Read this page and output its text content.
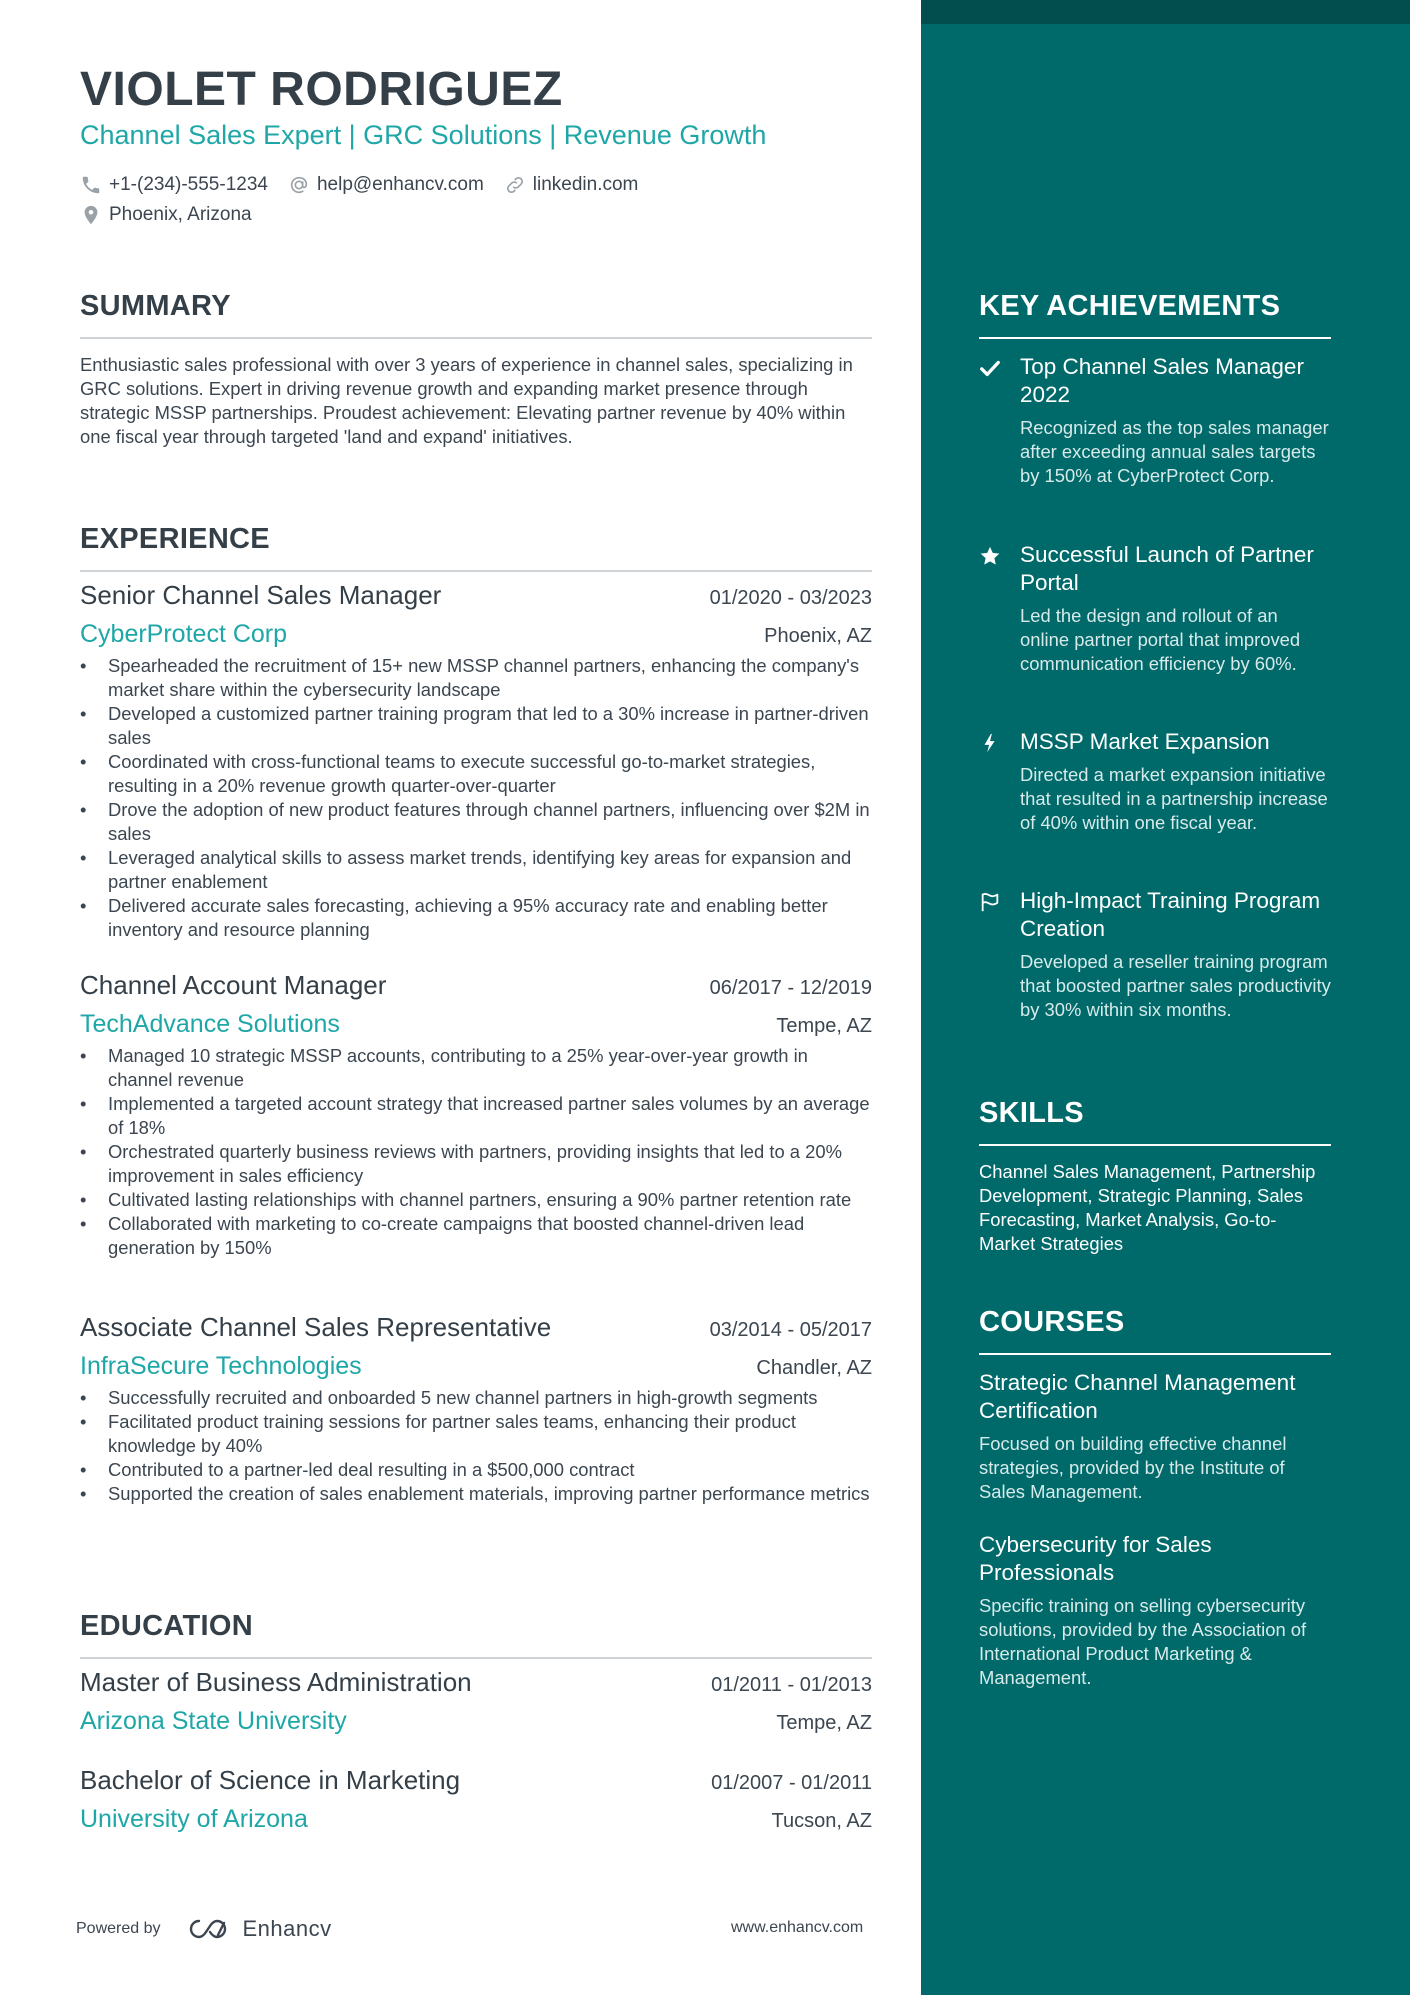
VIOLET RODRIGUEZ
Channel Sales Expert | GRC Solutions | Revenue Growth
+1-(234)-555-1234	help@enhancv.com	linkedin.com
Phoenix, Arizona
SUMMARY

Enthusiastic sales professional with over 3 years of experience in channel sales, specializing in GRC solutions. Expert in driving revenue growth and expanding market presence through strategic MSSP partnerships. Proudest achievement: Elevating partner revenue by 40% within one fiscal year through targeted 'land and expand' initiatives.

EXPERIENCE
Senior Channel Sales Manager	01/2020 - 03/2023
CyberProtect Corp	Phoenix, AZ
• Spearheaded the recruitment of 15+ new MSSP channel partners, enhancing the company's market share within the cybersecurity landscape
• Developed a customized partner training program that led to a 30% increase in partner-driven sales
• Coordinated with cross-functional teams to execute successful go-to-market strategies, resulting in a 20% revenue growth quarter-over-quarter
• Drove the adoption of new product features through channel partners, influencing over $2M in sales
• Leveraged analytical skills to assess market trends, identifying key areas for expansion and partner enablement
• Delivered accurate sales forecasting, achieving a 95% accuracy rate and enabling better inventory and resource planning
Channel Account Manager	06/2017 - 12/2019
TechAdvance Solutions	Tempe, AZ
• Managed 10 strategic MSSP accounts, contributing to a 25% year-over-year growth in channel revenue
• Implemented a targeted account strategy that increased partner sales volumes by an average of 18%
• Orchestrated quarterly business reviews with partners, providing insights that led to a 20% improvement in sales efficiency
• Cultivated lasting relationships with channel partners, ensuring a 90% partner retention rate
• Collaborated with marketing to co-create campaigns that boosted channel-driven lead generation by 150%
Associate Channel Sales Representative	03/2014 - 05/2017
InfraSecure Technologies	Chandler, AZ
• Successfully recruited and onboarded 5 new channel partners in high-growth segments
• Facilitated product training sessions for partner sales teams, enhancing their product knowledge by 40%
• Contributed to a partner-led deal resulting in a $500,000 contract
• Supported the creation of sales enablement materials, improving partner performance metrics
EDUCATION
Master of Business Administration	01/2011 - 01/2013
Arizona State University	Tempe, AZ
Bachelor of Science in Marketing	01/2007 - 01/2011
University of Arizona	Tucson, AZ
Powered by	Enhancv	www.enhancv.com
KEY ACHIEVEMENTS
Top Channel Sales Manager 2022
Recognized as the top sales manager after exceeding annual sales targets by 150% at CyberProtect Corp.
Successful Launch of Partner Portal
Led the design and rollout of an online partner portal that improved communication efficiency by 60%.
MSSP Market Expansion
Directed a market expansion initiative that resulted in a partnership increase of 40% within one fiscal year.
High-Impact Training Program Creation
Developed a reseller training program that boosted partner sales productivity by 30% within six months.
SKILLS

Channel Sales Management, Partnership Development, Strategic Planning, Sales Forecasting, Market Analysis, Go-to-Market Strategies

COURSES
Strategic Channel Management Certification
Focused on building effective channel strategies, provided by the Institute of Sales Management.
Cybersecurity for Sales Professionals
Specific training on selling cybersecurity solutions, provided by the Association of International Product Marketing & Management.
